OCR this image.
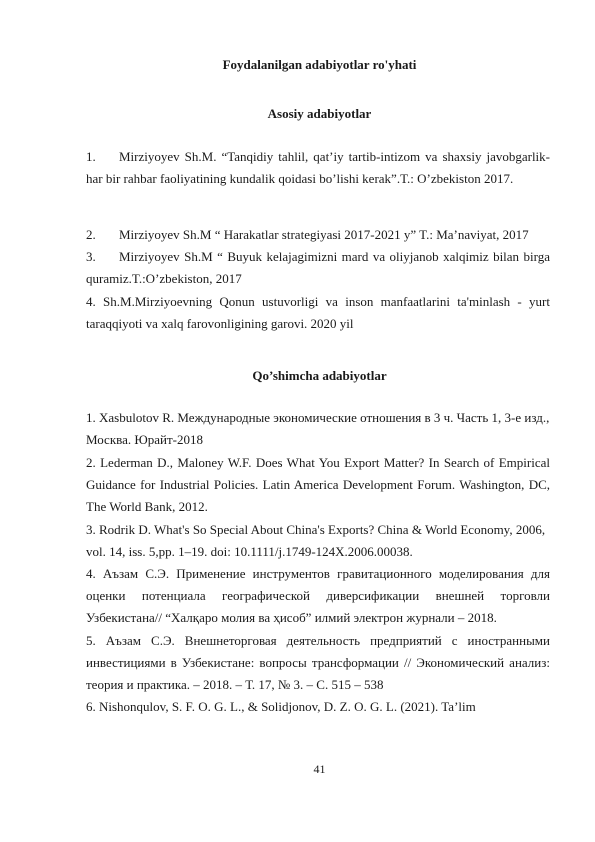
Foydalanilgan adabiyotlar ro'yhati
Asosiy adabiyotlar
1. Mirziyoyev Sh.M. “Tanqidiy tahlil, qat’iy tartib-intizom va shaxsiy javobgarlik- har bir rahbar faoliyatining kundalik qoidasi bo’lishi kerak”.T.: O’zbekiston 2017.
2. Mirziyoyev Sh.M “ Harakatlar strategiyasi 2017-2021 y” T.: Ma’naviyat, 2017
3. Mirziyoyev Sh.M “ Buyuk kelajagimizni mard va oliyjanob xalqimiz bilan birga quramiz.T.:O’zbekiston, 2017
4. Sh.M.Mirziyoevning Qonun ustuvorligi va inson manfaatlarini ta'minlash - yurt taraqqiyoti va xalq farovonligining garovi. 2020 yil
Qo’shimcha adabiyotlar
1. Xasbulotov R. Международные экономические отношения в 3 ч. Часть 1, 3-е изд., Москва. Юрайт-2018
2. Lederman D., Maloney W.F. Does What You Export Matter? In Search of Empirical Guidance for Industrial Policies. Latin America Development Forum. Washington, DC, The World Bank, 2012.
3. Rodrik D. What's So Special About China's Exports? China & World Economy, 2006, vol. 14, iss. 5,pp. 1–19. doi: 10.1111/j.1749-124X.2006.00038.
4. Аъзам С.Э. Применение инструментов гравитационного моделирования для оценки потенциала географической диверсификации внешней торговли Узбекистана// “Халқаро молия ва ҳисоб” илмий электрон журнали – 2018.
5. Аъзам С.Э. Внешнеторговая деятельность предприятий с иностранными инвестициями в Узбекистане: вопросы трансформации // Экономический анализ: теория и практика. – 2018. – Т. 17, № 3. – С. 515 – 538
6. Nishonqulov, S. F. O. G. L., & Solidjonov, D. Z. O. G. L. (2021). Ta’lim
41
